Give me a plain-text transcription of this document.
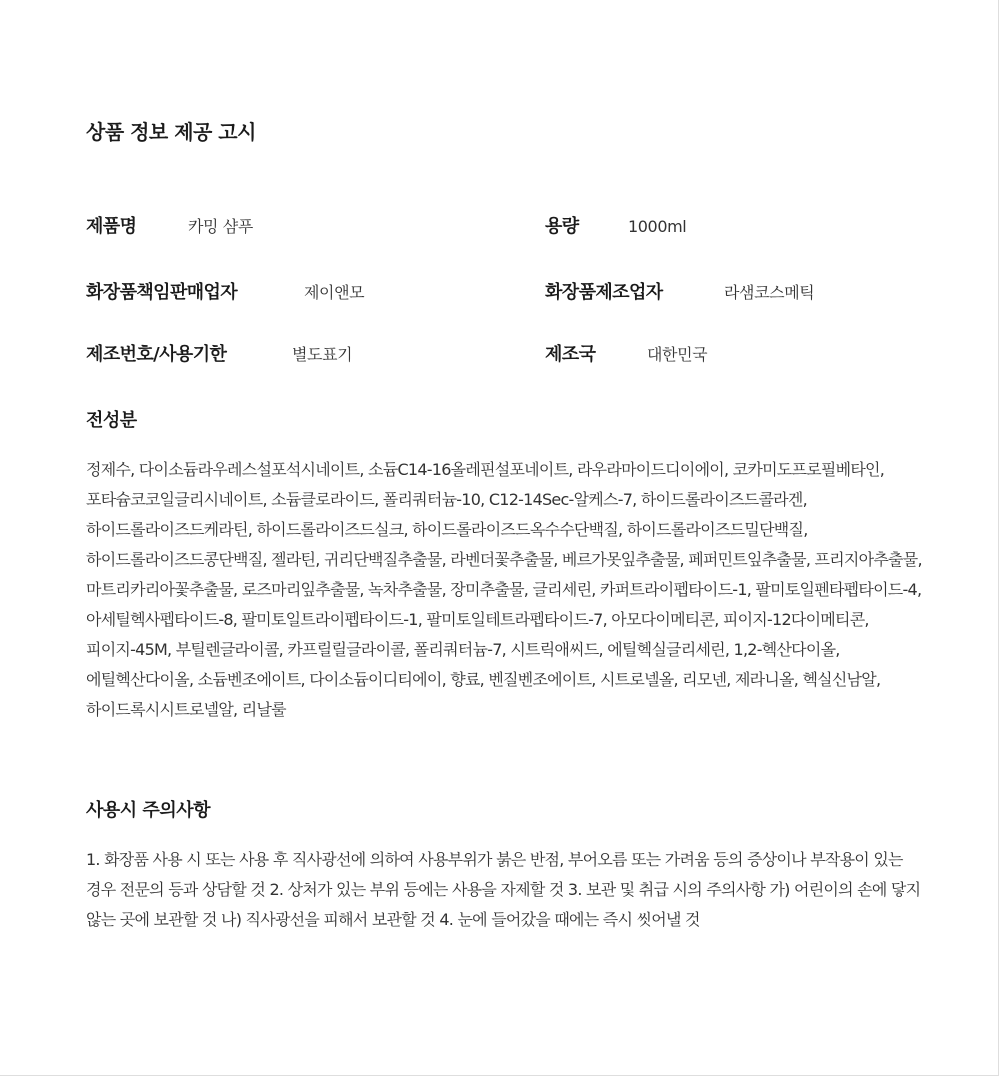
상품 정보 제공 고시
제품명	카밍 샴푸	용량	1000ml
화장품책임판매업자	제이앤모	화장품제조업자	라샘코스메틱
제조번호/사용기한	별도표기	제조국	대한민국
전성분

정제수, 다이소듐라우레스설포석시네이트, 소듐C14-16올레핀설포네이트, 라우라마이드디이에이, 코카미도프로필베타인, 포타슘코코일글리시네이트, 소듐클로라이드, 폴리쿼터늄-10, C12-14Sec-알케스-7, 하이드롤라이즈드콜라겐, 하이드롤라이즈드케라틴, 하이드롤라이즈드실크, 하이드롤라이즈드옥수수단백질, 하이드롤라이즈드밀단백질, 하이드롤라이즈드콩단백질, 젤라틴, 귀리단백질추출물, 라벤더꽃추출물, 베르가못잎추출물, 페퍼민트잎추출물, 프리지아추출물, 마트리카리아꽃추출물, 로즈마리잎추출물, 녹차추출물, 장미추출물, 글리세린, 카퍼트라이펩타이드-1, 팔미토일펜타펩타이드-4, 아세틸헥사펩타이드-8, 팔미토일트라이펩타이드-1, 팔미토일테트라펩타이드-7, 아모다이메티콘, 피이지-12다이메티콘, 피이지-45M, 부틸렌글라이콜, 카프릴릴글라이콜, 폴리쿼터늄-7, 시트릭애씨드, 에틸헥실글리세린, 1,2-헥산다이올, 에틸헥산다이올, 소듐벤조에이트, 다이소듐이디티에이, 향료, 벤질벤조에이트, 시트로넬올, 리모넨, 제라니올, 헥실신남알, 하이드록시시트로넬알, 리날룰

사용시 주의사항

1. 화장품 사용 시 또는 사용 후 직사광선에 의하여 사용부위가 붉은 반점, 부어오름 또는 가려움 등의 증상이나 부작용이 있는 경우 전문의 등과 상담할 것 2. 상처가 있는 부위 등에는 사용을 자제할 것 3. 보관 및 취급 시의 주의사항 가) 어린이의 손에 닿지 않는 곳에 보관할 것 나) 직사광선을 피해서 보관할 것 4. 눈에 들어갔을 때에는 즉시 씻어낼 것
